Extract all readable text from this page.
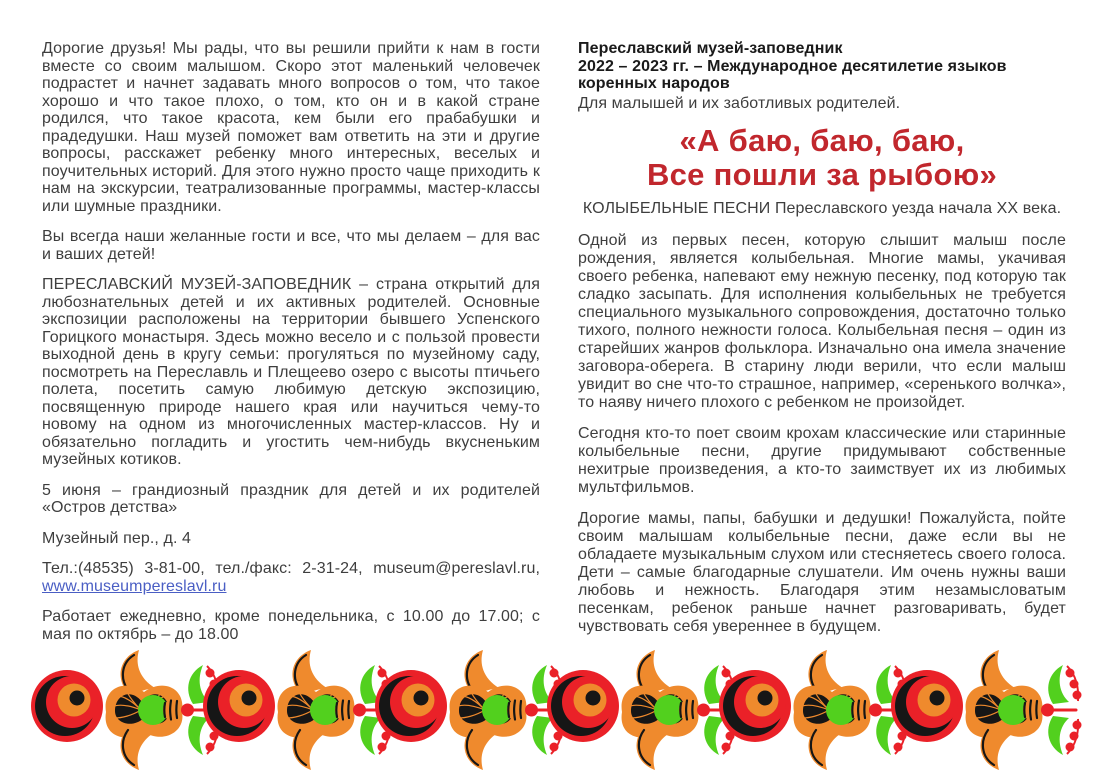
Дорогие друзья! Мы рады, что вы решили прийти к нам в гости вместе со своим малышом. Скоро этот маленький человечек подрастет и начнет задавать много вопросов о том, что такое хорошо и что такое плохо, о том, кто он и в какой стране родился, что такое красота, кем были его прабабушки и прадедушки. Наш музей поможет вам ответить на эти и другие вопросы, расскажет ребенку много интересных, веселых и поучительных историй. Для этого нужно просто чаще приходить к нам на экскурсии, театрализованные программы, мастер-классы или шумные праздники.

Вы всегда наши желанные гости и все, что мы делаем – для вас и ваших детей!

ПЕРЕСЛАВСКИЙ МУЗЕЙ-ЗАПОВЕДНИК – страна открытий для любознательных детей и их активных родителей. Основные экспозиции расположены на территории бывшего Успенского Горицкого монастыря. Здесь можно весело и с пользой провести выходной день в кругу семьи: прогуляться по музейному саду, посмотреть на Переславль и Плещеево озеро с высоты птичьего полета, посетить самую любимую детскую экспозицию, посвященную природе нашего края или научиться чему-то новому на одном из многочисленных мастер-классов. Ну и обязательно погладить и угостить чем-нибудь вкусненьким музейных котиков.

5 июня – грандиозный праздник для детей и их родителей «Остров детства»

Музейный пер., д. 4

Тел.:(48535) 3-81-00, тел./факс: 2-31-24, museum@pereslavl.ru, www.museumpereslavl.ru

Работает ежедневно, кроме понедельника, с 10.00 до 17.00; с мая по октябрь – до 18.00

Переславский музей-заповедник

2022 – 2023 гг. – Международное десятилетие языков коренных народов

Для малышей и их заботливых родителей.

«А баю, баю, баю,
Все пошли за рыбою»

КОЛЫБЕЛЬНЫЕ ПЕСНИ Переславского уезда начала ХХ века.

Одной из первых песен, которую слышит малыш после рождения, является колыбельная. Многие мамы, укачивая своего ребенка, напевают ему нежную песенку, под которую так сладко засыпать. Для исполнения колыбельных не требуется специального музыкального сопровождения, достаточно только тихого, полного нежности голоса. Колыбельная песня – один из старейших жанров фольклора. Изначально она имела значение заговора-оберега. В старину люди верили, что если малыш увидит во сне что-то страшное, например, «серенького волчка», то наяву ничего плохого с ребенком не произойдет.

Сегодня кто-то поет своим крохам классические или старинные колыбельные песни, другие придумывают собственные нехитрые произведения, а кто-то заимствует их из любимых мультфильмов.

Дорогие мамы, папы, бабушки и дедушки! Пожалуйста, пойте своим малышам колыбельные песни, даже если вы не обладаете музыкальным слухом или стесняетесь своего голоса. Дети – самые благодарные слушатели. Им очень нужны ваши любовь и нежность. Благодаря этим незамысловатым песенкам, ребенок раньше начнет разговаривать, будет чувствовать себя увереннее в будущем.
